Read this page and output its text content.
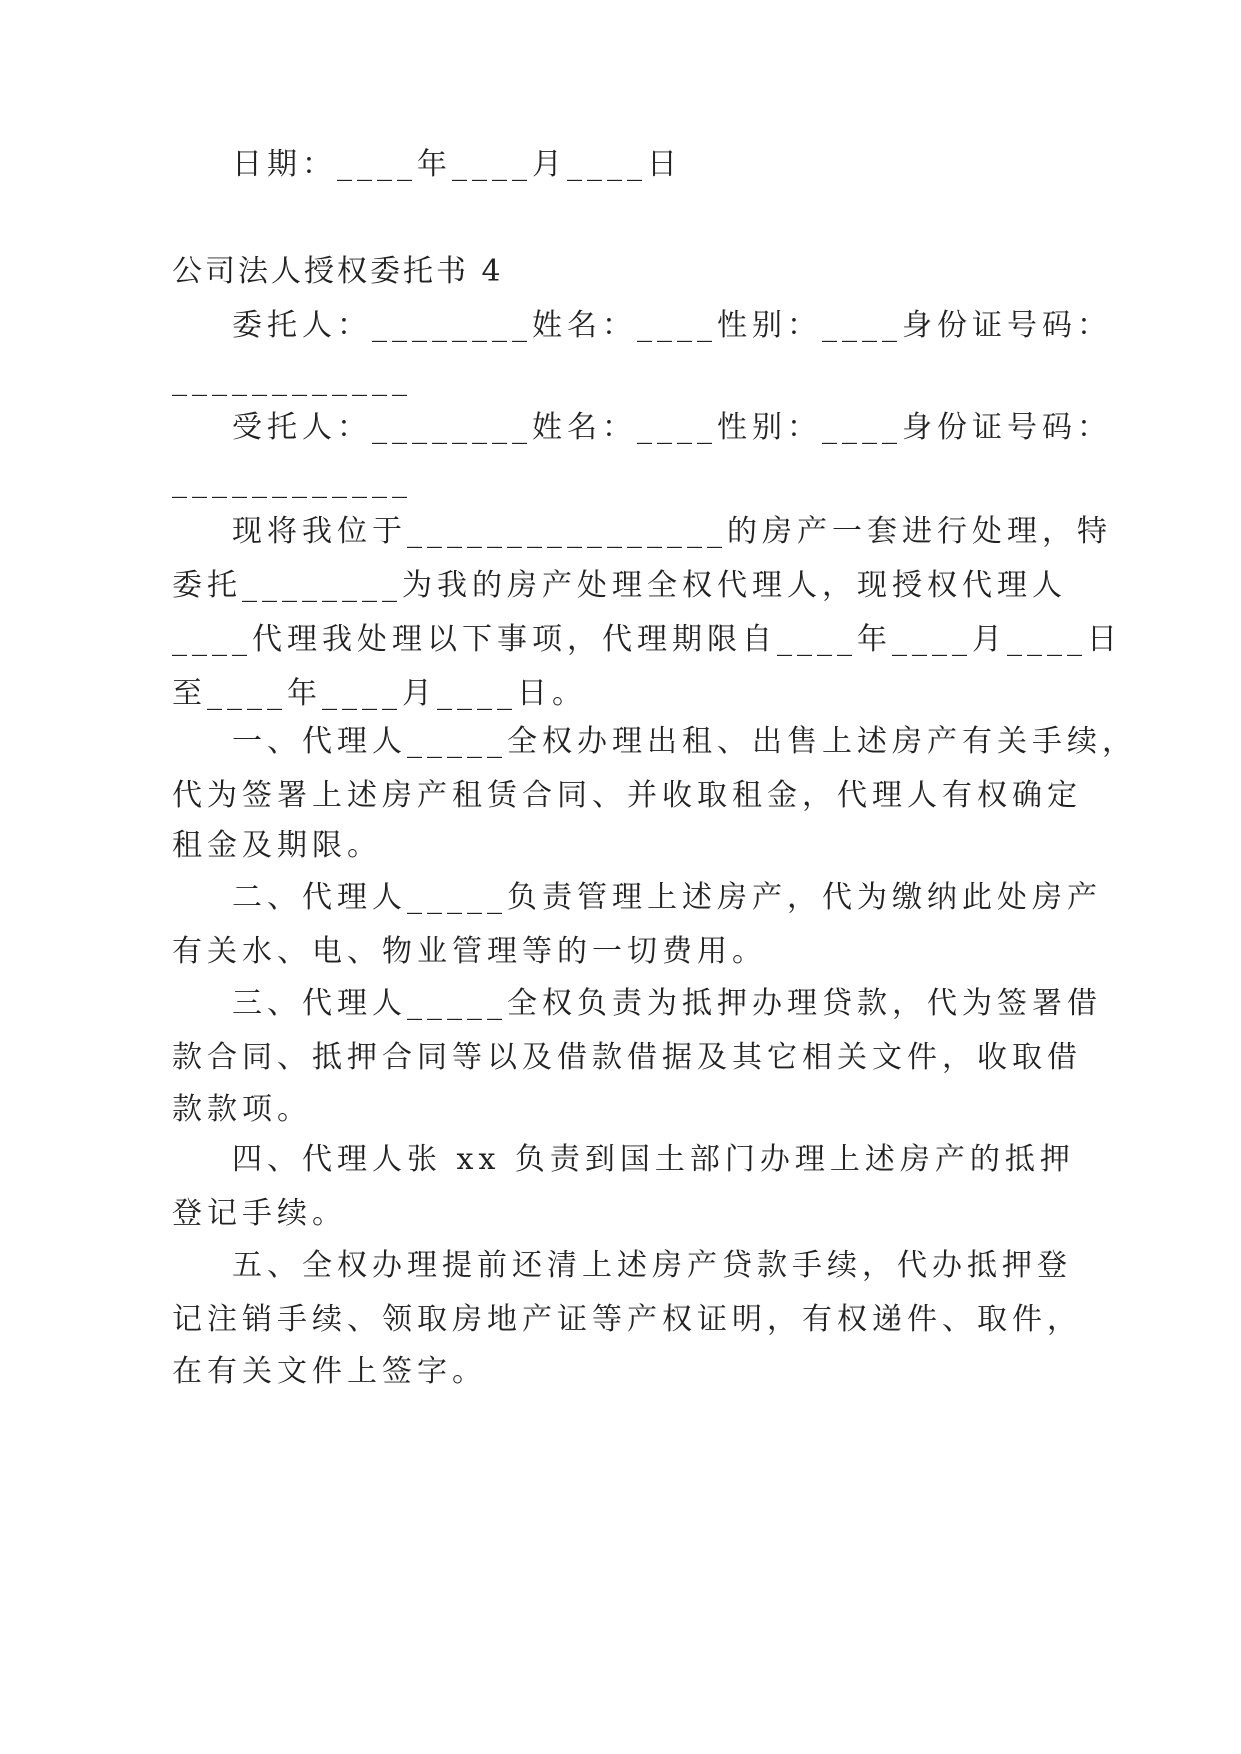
日期：____年____月____日

公司法人授权委托书 4

委托人：________姓名：____性别：____身份证号码：

____________

受托人：________姓名：____性别：____身份证号码：

____________

现将我位于________________的房产一套进行处理，特

委托________为我的房产处理全权代理人，现授权代理人

____代理我处理以下事项，代理期限自____年____月____日

至____年____月____日。

一、代理人_____全权办理出租、出售上述房产有关手续，

代为签署上述房产租赁合同、并收取租金，代理人有权确定

租金及期限。

二、代理人_____负责管理上述房产，代为缴纳此处房产

有关水、电、物业管理等的一切费用。

三、代理人_____全权负责为抵押办理贷款，代为签署借

款合同、抵押合同等以及借款借据及其它相关文件，收取借

款款项。

四、代理人张 xx 负责到国土部门办理上述房产的抵押

登记手续。

五、全权办理提前还清上述房产贷款手续，代办抵押登

记注销手续、领取房地产证等产权证明，有权递件、取件，

在有关文件上签字。
